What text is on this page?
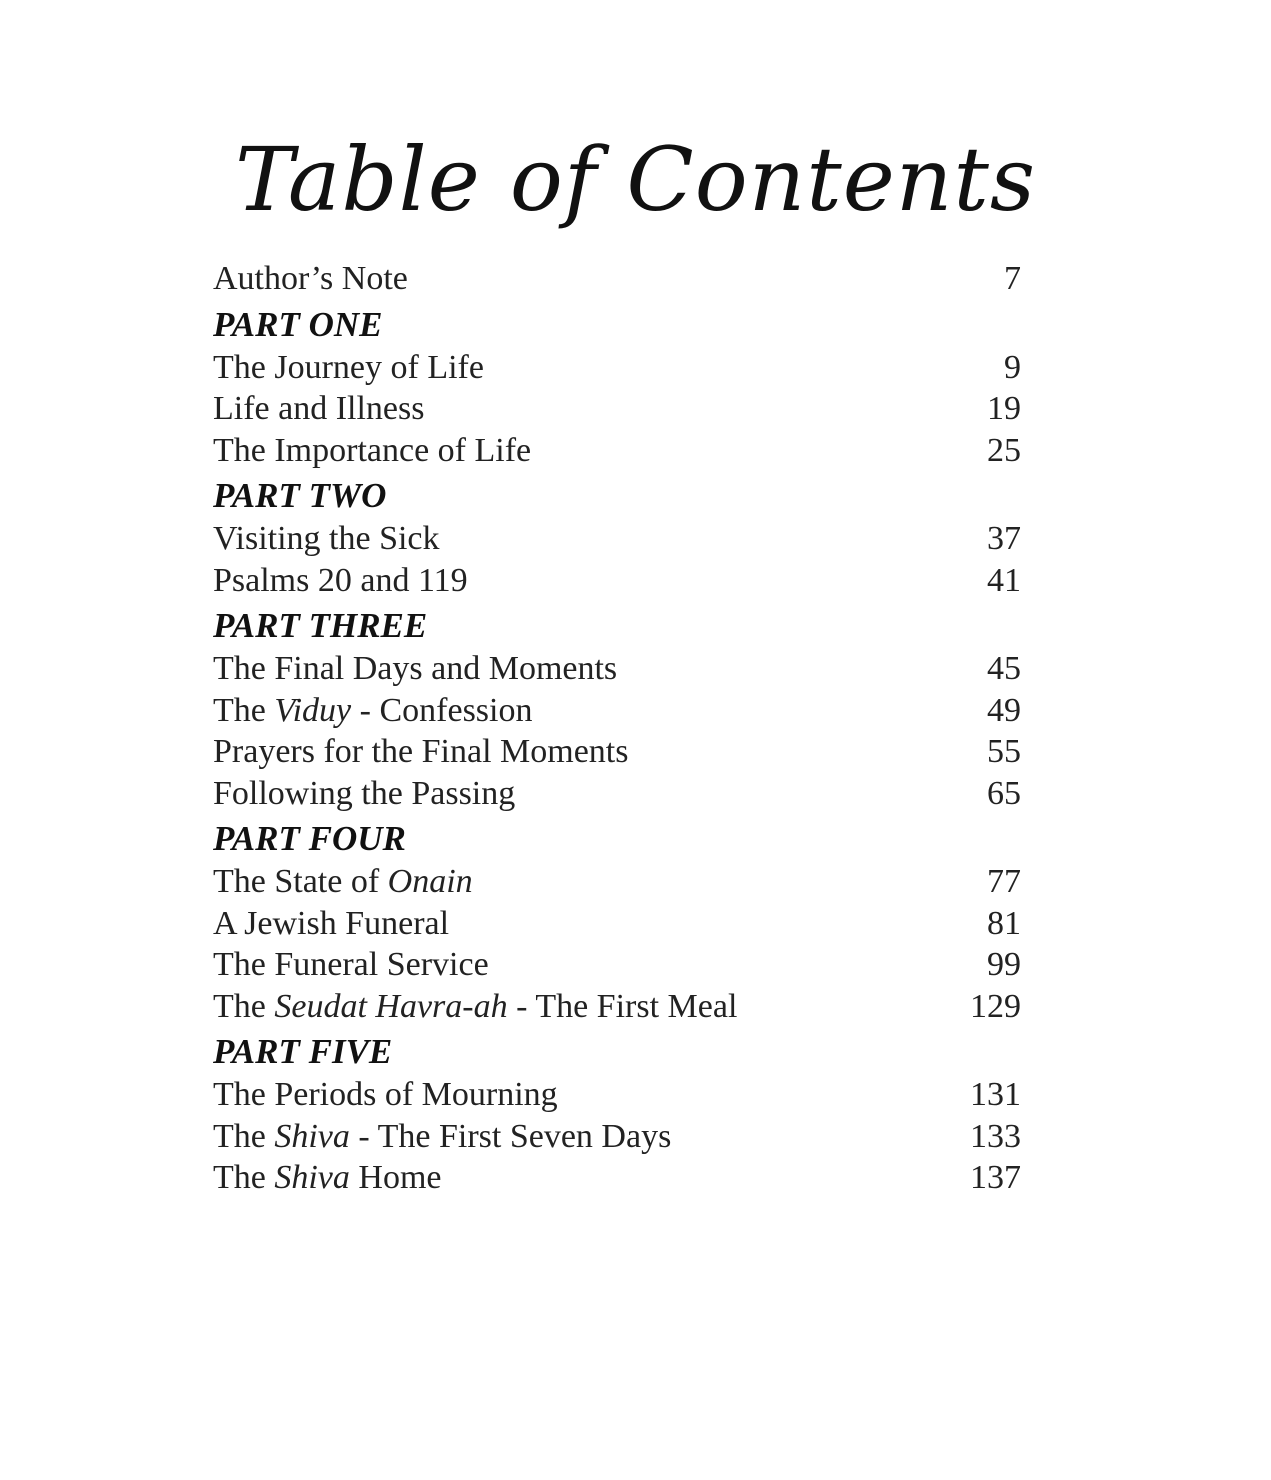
Table of Contents
Author’s Note	7
PART ONE
The Journey of Life	9
Life and Illness	19
The Importance of Life	25
PART TWO
Visiting the Sick	37
Psalms 20 and 119	41
PART THREE
The Final Days and Moments	45
The Viduy - Confession	49
Prayers for the Final Moments	55
Following the Passing	65
PART FOUR
The State of Onain	77
A Jewish Funeral	81
The Funeral Service	99
The Seudat Havra-ah - The First Meal	129
PART FIVE
The Periods of Mourning	131
The Shiva - The First Seven Days	133
The Shiva Home	137
